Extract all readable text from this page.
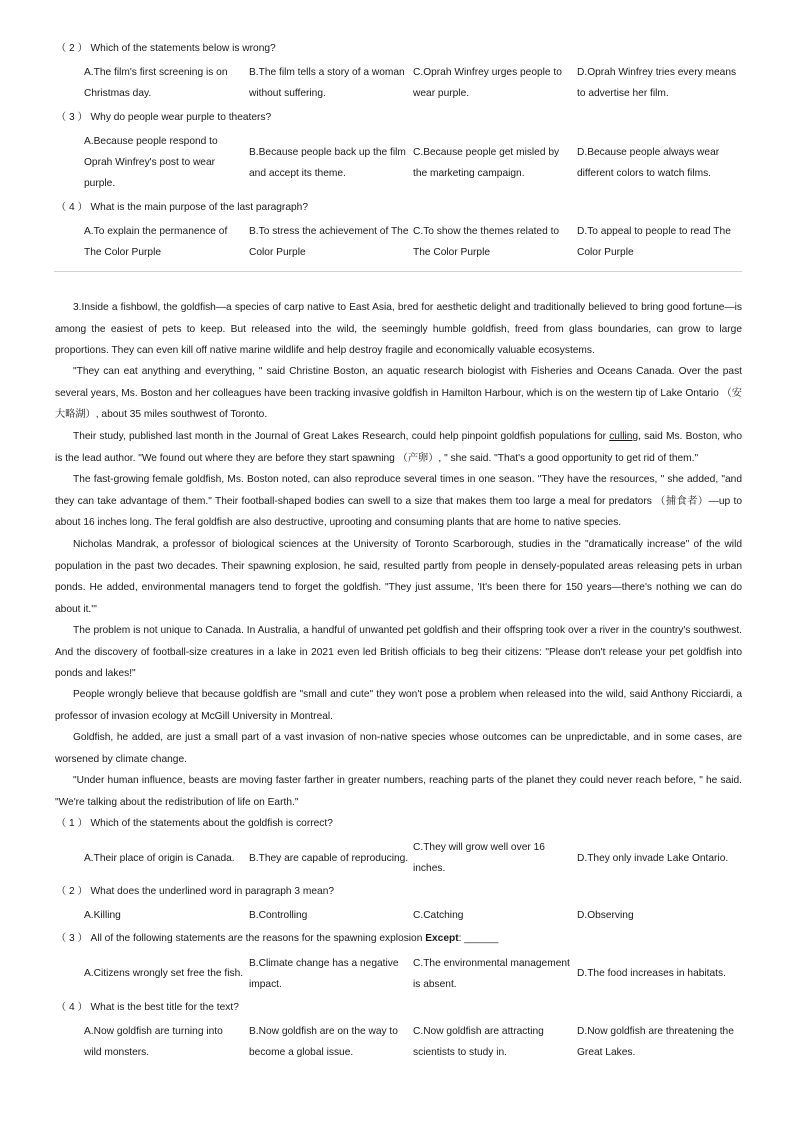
（ 2 ） Which of the statements below is wrong?
A.The film's first screening is on Christmas day.
B.The film tells a story of a woman without suffering.
C.Oprah Winfrey urges people to wear purple.
D.Oprah Winfrey tries every means to advertise her film.
（ 3 ） Why do people wear purple to theaters?
A.Because people respond to Oprah Winfrey's post to wear purple.
B.Because people back up the film and accept its theme.
C.Because people get misled by the marketing campaign.
D.Because people always wear different colors to watch films.
（ 4 ） What is the main purpose of the last paragraph?
A.To explain the permanence of The Color Purple
B.To stress the achievement of The Color Purple
C.To show the themes related to The Color Purple
D.To appeal to people to read The Color Purple
3.Inside a fishbowl, the goldfish—a species of carp native to East Asia, bred for aesthetic delight and traditionally believed to bring good fortune—is among the easiest of pets to keep. But released into the wild, the seemingly humble goldfish, freed from glass boundaries, can grow to large proportions. They can even kill off native marine wildlife and help destroy fragile and economically valuable ecosystems.
"They can eat anything and everything, " said Christine Boston, an aquatic research biologist with Fisheries and Oceans Canada. Over the past several years, Ms. Boston and her colleagues have been tracking invasive goldfish in Hamilton Harbour, which is on the western tip of Lake Ontario （安大略湖）, about 35 miles southwest of Toronto.
Their study, published last month in the Journal of Great Lakes Research, could help pinpoint goldfish populations for culling, said Ms. Boston, who is the lead author. "We found out where they are before they start spawning （产卵）, " she said. "That's a good opportunity to get rid of them."
The fast-growing female goldfish, Ms. Boston noted, can also reproduce several times in one season. "They have the resources, " she added, "and they can take advantage of them." Their football-shaped bodies can swell to a size that makes them too large a meal for predators （捕食者）—up to about 16 inches long. The feral goldfish are also destructive, uprooting and consuming plants that are home to native species.
Nicholas Mandrak, a professor of biological sciences at the University of Toronto Scarborough, studies in the "dramatically increase" of the wild population in the past two decades. Their spawning explosion, he said, resulted partly from people in densely-populated areas releasing pets in urban ponds. He added, environmental managers tend to forget the goldfish. "They just assume, 'It's been there for 150 years—there's nothing we can do about it.'"
The problem is not unique to Canada. In Australia, a handful of unwanted pet goldfish and their offspring took over a river in the country's southwest. And the discovery of football-size creatures in a lake in 2021 even led British officials to beg their citizens: "Please don't release your pet goldfish into ponds and lakes!"
People wrongly believe that because goldfish are "small and cute" they won't pose a problem when released into the wild, said Anthony Ricciardi, a professor of invasion ecology at McGill University in Montreal.
Goldfish, he added, are just a small part of a vast invasion of non-native species whose outcomes can be unpredictable, and in some cases, are worsened by climate change.
"Under human influence, beasts are moving faster farther in greater numbers, reaching parts of the planet they could never reach before, " he said. "We're talking about the redistribution of life on Earth."
（ 1 ） Which of the statements about the goldfish is correct?
A.Their place of origin is Canada.	B.They are capable of reproducing.
C.They will grow well over 16 inches.
D.They only invade Lake Ontario.
（ 2 ） What does the underlined word in paragraph 3 mean?
A.Killing	B.Controlling	C.Catching	D.Observing
（ 3 ） All of the following statements are the reasons for the spawning explosion Except: ______
A.Citizens wrongly set free the fish.
B.Climate change has a negative impact.
C.The environmental management is absent.
D.The food increases in habitats.
（ 4 ） What is the best title for the text?
A.Now goldfish are turning into wild monsters.
B.Now goldfish are on the way to become a global issue.
C.Now goldfish are attracting scientists to study in.
D.Now goldfish are threatening the Great Lakes.
